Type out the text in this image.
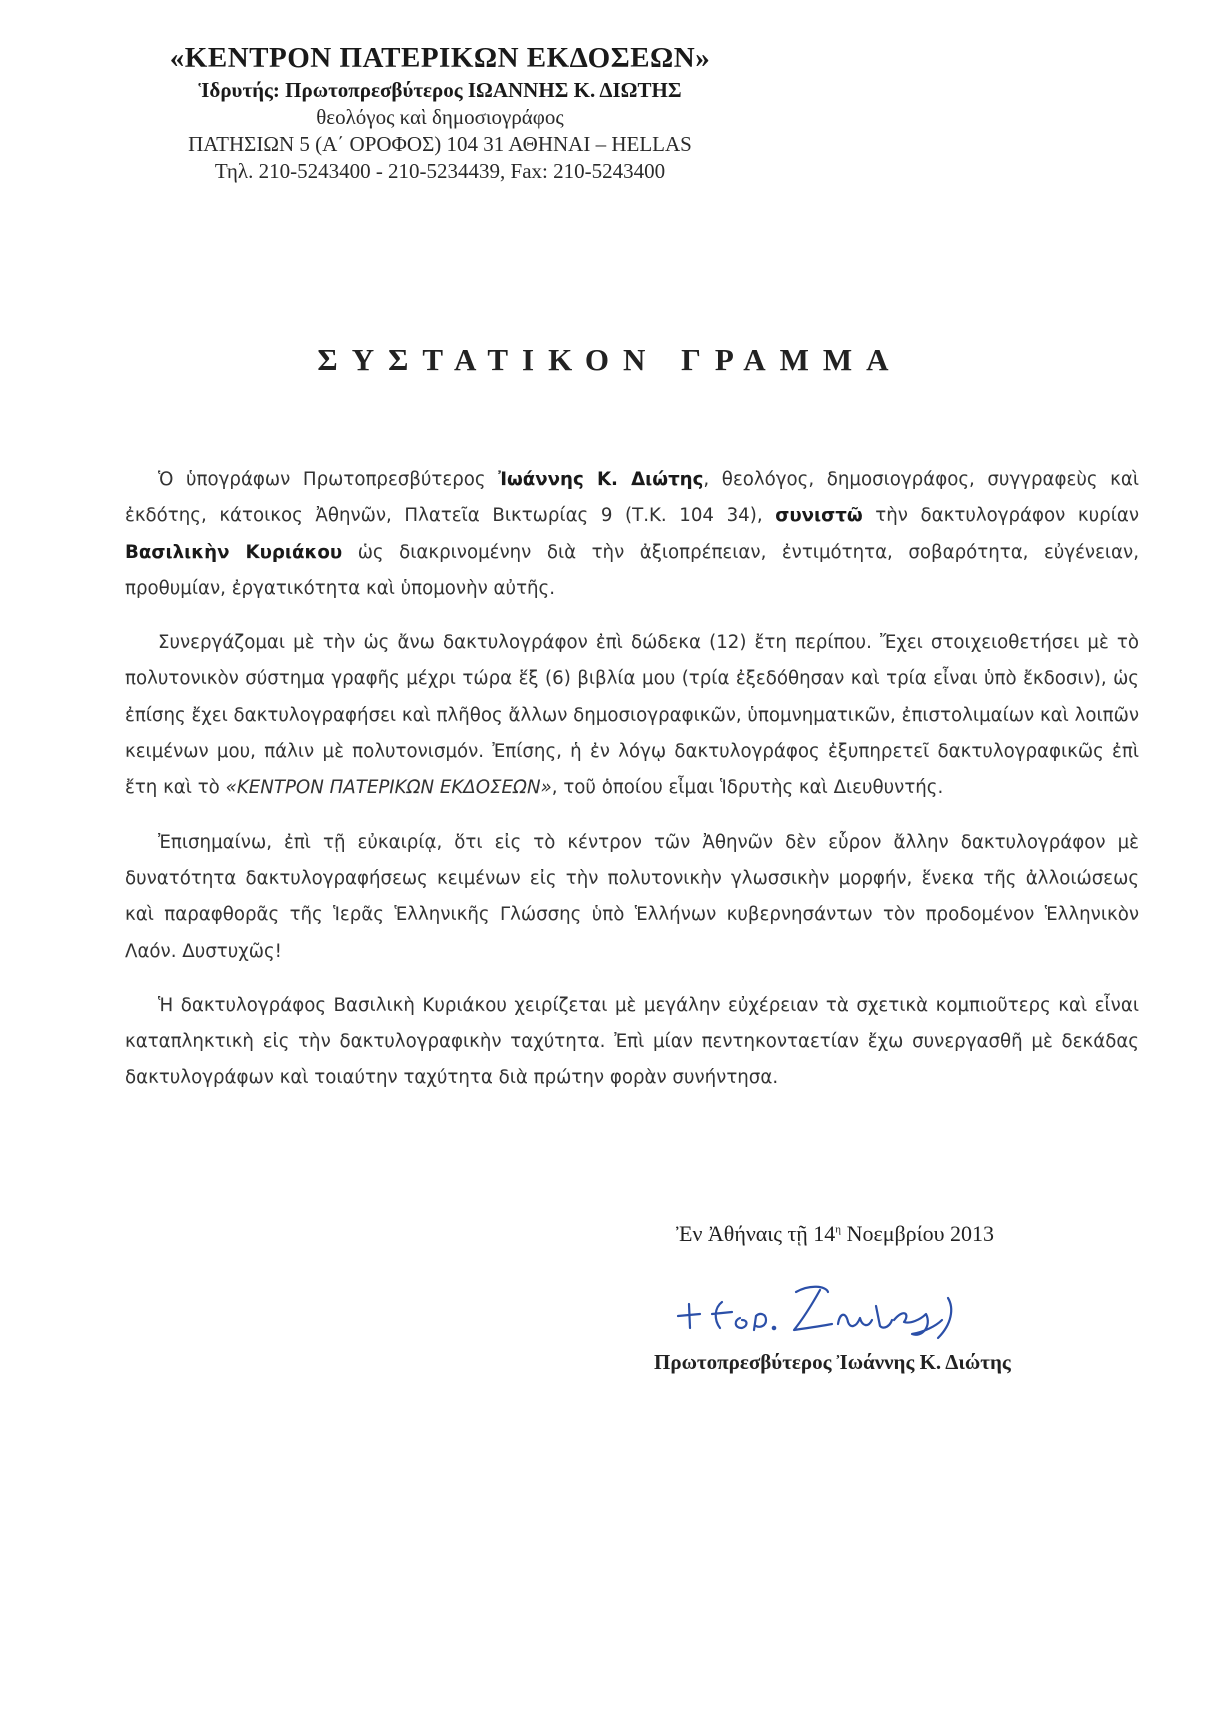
«ΚΕΝΤΡΟΝ ΠΑΤΕΡΙΚΩΝ ΕΚΔΟΣΕΩΝ»
Ἱδρυτής: Πρωτοπρεσβύτερος ΙΩΑΝΝΗΣ Κ. ΔΙΩΤΗΣ
θεολόγος καὶ δημοσιογράφος
ΠΑΤΗΣΙΩΝ 5 (Α΄ ΟΡΟΦΟΣ) 104 31 ΑΘΗΝΑΙ – HELLAS
Τηλ. 210-5243400 - 210-5234439, Fax: 210-5243400
ΣΥΣΤΑΤΙΚΟΝ ΓΡΑΜΜΑ

Ὁ ὑπογράφων Πρωτοπρεσβύτερος Ἰωάννης Κ. Διώτης, θεολόγος, δημοσιογράφος, συγγραφεὺς καὶ ἐκδότης, κάτοικος Ἀθηνῶν, Πλατεῖα Βικτωρίας 9 (Τ.Κ. 104 34), συνιστῶ τὴν δακτυλογράφον κυρίαν Βασιλικὴν Κυριάκου ὡς διακρινομένην διὰ τὴν ἀξιοπρέπειαν, ἐντιμότητα, σοβαρότητα, εὐγένειαν, προθυμίαν, ἐργατικότητα καὶ ὑπομονὴν αὐτῆς.

Συνεργάζομαι μὲ τὴν ὡς ἄνω δακτυλογράφον ἐπὶ δώδεκα (12) ἔτη περίπου. Ἔχει στοιχειοθετήσει μὲ τὸ πολυτονικὸν σύστημα γραφῆς μέχρι τώρα ἕξ (6) βιβλία μου (τρία ἐξεδόθησαν καὶ τρία εἶναι ὑπὸ ἔκδοσιν), ὡς ἐπίσης ἔχει δακτυλογραφήσει καὶ πλῆθος ἄλλων δημοσιογραφικῶν, ὑπομνηματικῶν, ἐπιστολιμαίων καὶ λοιπῶν κειμένων μου, πάλιν μὲ πολυτονισμόν. Ἐπίσης, ἡ ἐν λόγῳ δακτυλογράφος ἐξυπηρετεῖ δακτυλογραφικῶς ἐπὶ ἔτη καὶ τὸ «ΚΕΝΤΡΟΝ ΠΑΤΕΡΙΚΩΝ ΕΚΔΟΣΕΩΝ», τοῦ ὁποίου εἶμαι Ἱδρυτὴς καὶ Διευθυντής.

Ἐπισημαίνω, ἐπὶ τῇ εὐκαιρίᾳ, ὅτι εἰς τὸ κέντρον τῶν Ἀθηνῶν δὲν εὗρον ἄλλην δακτυλογράφον μὲ δυνατότητα δακτυλογραφήσεως κειμένων εἰς τὴν πολυτονικὴν γλωσσικὴν μορφήν, ἕνεκα τῆς ἀλλοιώσεως καὶ παραφθορᾶς τῆς Ἱερᾶς Ἑλληνικῆς Γλώσσης ὑπὸ Ἑλλήνων κυβερνησάντων τὸν προδομένον Ἑλληνικὸν Λαόν. Δυστυχῶς!

Ἡ δακτυλογράφος Βασιλικὴ Κυριάκου χειρίζεται μὲ μεγάλην εὐχέρειαν τὰ σχετικὰ κομπιοῦτερς καὶ εἶναι καταπληκτικὴ εἰς τὴν δακτυλογραφικὴν ταχύτητα. Ἐπὶ μίαν πεντηκονταετίαν ἔχω συνεργασθῆ μὲ δεκάδας δακτυλογράφων καὶ τοιαύτην ταχύτητα διὰ πρώτην φορὰν συνήντησα.

Ἐν Ἀθήναις τῇ $14^\eta$ Νοεμβρίου 2013
Πρωτοπρεσβύτερος Ἰωάννης Κ. Διώτης
